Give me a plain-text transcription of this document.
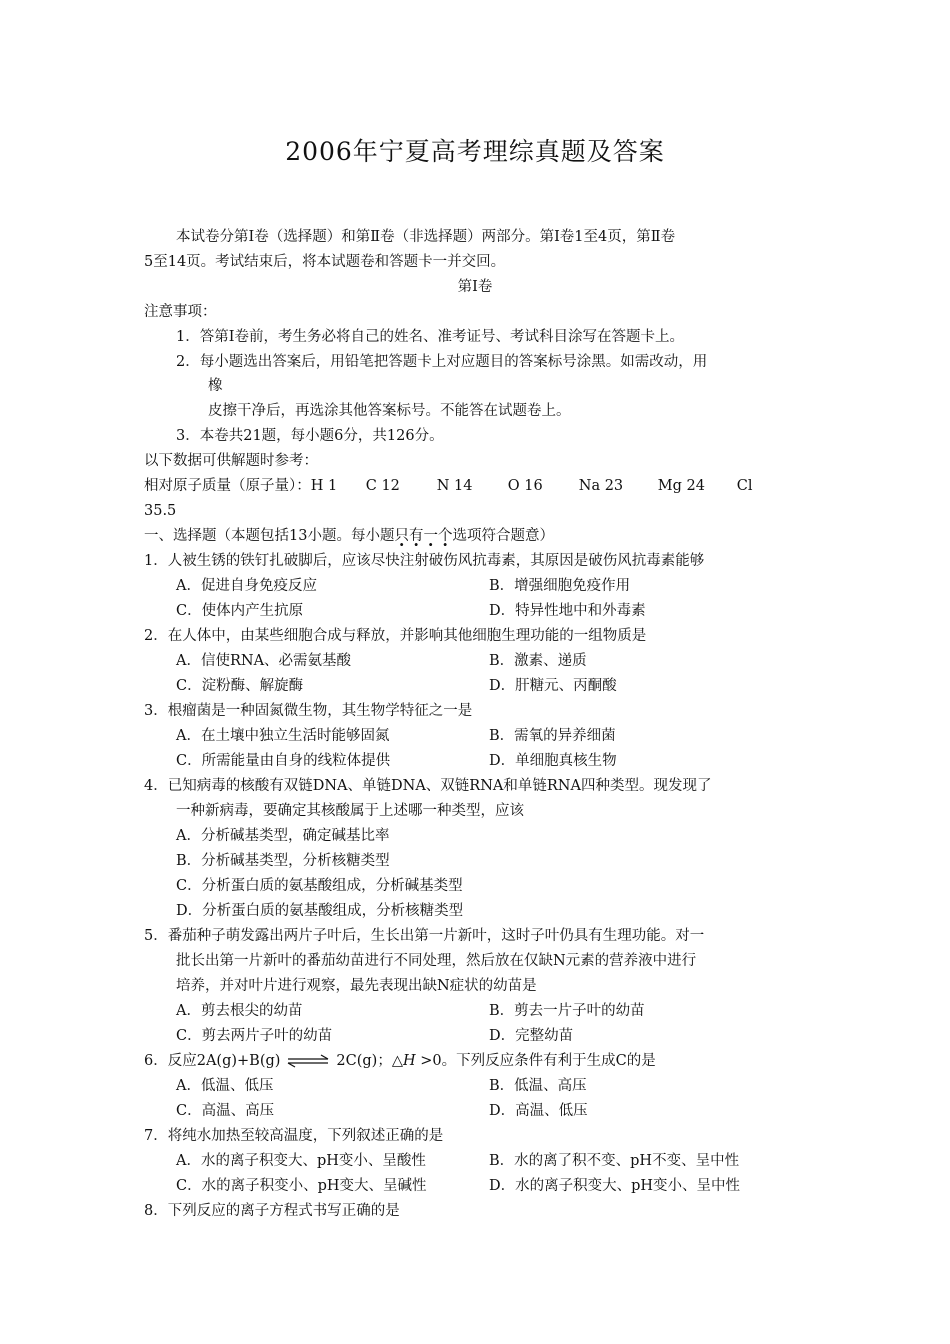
2006年宁夏高考理综真题及答案
本试卷分第Ⅰ卷（选择题）和第Ⅱ卷（非选择题）两部分。第Ⅰ卷1至4页，第Ⅱ卷
5至14页。考试结束后，将本试题卷和答题卡一并交回。
第Ⅰ卷
注意事项：
1．答第Ⅰ卷前，考生务必将自己的姓名、准考证号、考试科目涂写在答题卡上。
2．每小题选出答案后，用铅笔把答题卡上对应题目的答案标号涂黑。如需改动，用
橡
皮擦干净后，再选涂其他答案标号。不能答在试题卷上。
3．本卷共21题，每小题6分，共126分。
以下数据可供解题时参考：
相对原子质量（原子量）：H 1 C 12	N 14 O 16 Na 23 Mg 24 Cl
35.5
一、选择题（本题包括13小题。每小题只有一个选项符合题意）
1．人被生锈的铁钉扎破脚后，应该尽快注射破伤风抗毒素，其原因是破伤风抗毒素能够
A．促进自身免疫反应	B．增强细胞免疫作用
C．使体内产生抗原	D．特异性地中和外毒素
2．在人体中，由某些细胞合成与释放，并影响其他细胞生理功能的一组物质是
A．信使RNA、必需氨基酸	B．激素、递质
C．淀粉酶、解旋酶	D．肝糖元、丙酮酸
3．根瘤菌是一种固氮微生物，其生物学特征之一是
A．在土壤中独立生活时能够固氮	B．需氧的异养细菌
C．所需能量由自身的线粒体提供	D．单细胞真核生物
4．已知病毒的核酸有双链DNA、单链DNA、双链RNA和单链RNA四种类型。现发现了
一种新病毒，要确定其核酸属于上述哪一种类型，应该
A．分析碱基类型，确定碱基比率
B．分析碱基类型，分析核糖类型
C．分析蛋白质的氨基酸组成，分析碱基类型
D．分析蛋白质的氨基酸组成，分析核糖类型
5．番茄种子萌发露出两片子叶后，生长出第一片新叶，这时子叶仍具有生理功能。对一
批长出第一片新叶的番茄幼苗进行不同处理，然后放在仅缺N元素的营养液中进行
培养，并对叶片进行观察，最先表现出缺N症状的幼苗是
A．剪去根尖的幼苗	B．剪去一片子叶的幼苗
C．剪去两片子叶的幼苗	D．完整幼苗
6．反应2A(g)+B(g) ⇌ 2C(g)；△H >0。下列反应条件有利于生成C的是
A．低温、低压	B．低温、高压
C．高温、高压	D．高温、低压
7．将纯水加热至较高温度，下列叙述正确的是
A．水的离子积变大、pH变小、呈酸性	B．水的离了积不变、pH不变、呈中性
C．水的离子积变小、pH变大、呈碱性	D．水的离子积变大、pH变小、呈中性
8．下列反应的离子方程式书写正确的是
